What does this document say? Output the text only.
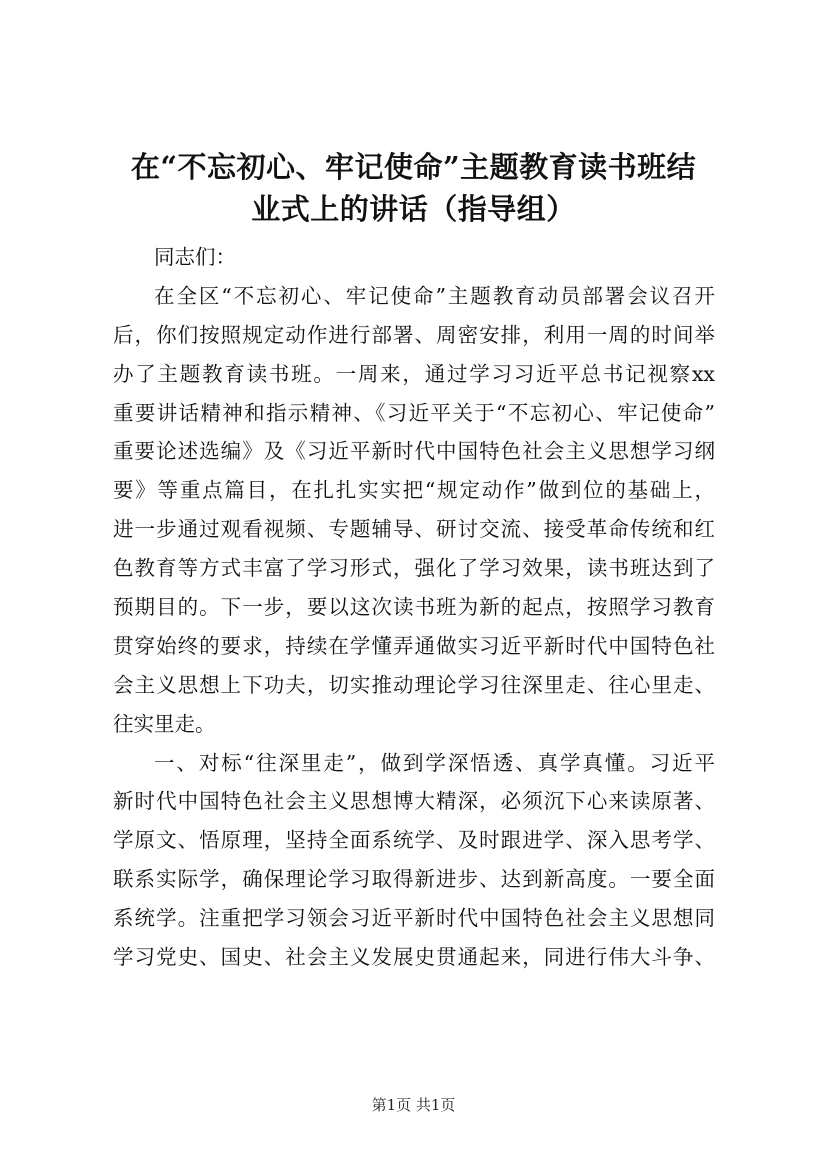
在“不忘初心、牢记使命”主题教育读书班结
业式上的讲话（指导组）
同志们：
在全区“不忘初心、牢记使命”主题教育动员部署会议召开
后，你们按照规定动作进行部署、周密安排，利用一周的时间举
办了主题教育读书班。一周来，通过学习习近平总书记视察xx
重要讲话精神和指示精神、《习近平关于“不忘初心、牢记使命”
重要论述选编》及《习近平新时代中国特色社会主义思想学习纲
要》等重点篇目，在扎扎实实把“规定动作”做到位的基础上，
进一步通过观看视频、专题辅导、研讨交流、接受革命传统和红
色教育等方式丰富了学习形式，强化了学习效果，读书班达到了
预期目的。下一步，要以这次读书班为新的起点，按照学习教育
贯穿始终的要求，持续在学懂弄通做实习近平新时代中国特色社
会主义思想上下功夫，切实推动理论学习往深里走、往心里走、
往实里走。
一、对标“往深里走”，做到学深悟透、真学真懂。习近平
新时代中国特色社会主义思想博大精深，必须沉下心来读原著、
学原文、悟原理，坚持全面系统学、及时跟进学、深入思考学、
联系实际学，确保理论学习取得新进步、达到新高度。一要全面
系统学。注重把学习领会习近平新时代中国特色社会主义思想同
学习党史、国史、社会主义发展史贯通起来，同进行伟大斗争、
第1页 共1页
